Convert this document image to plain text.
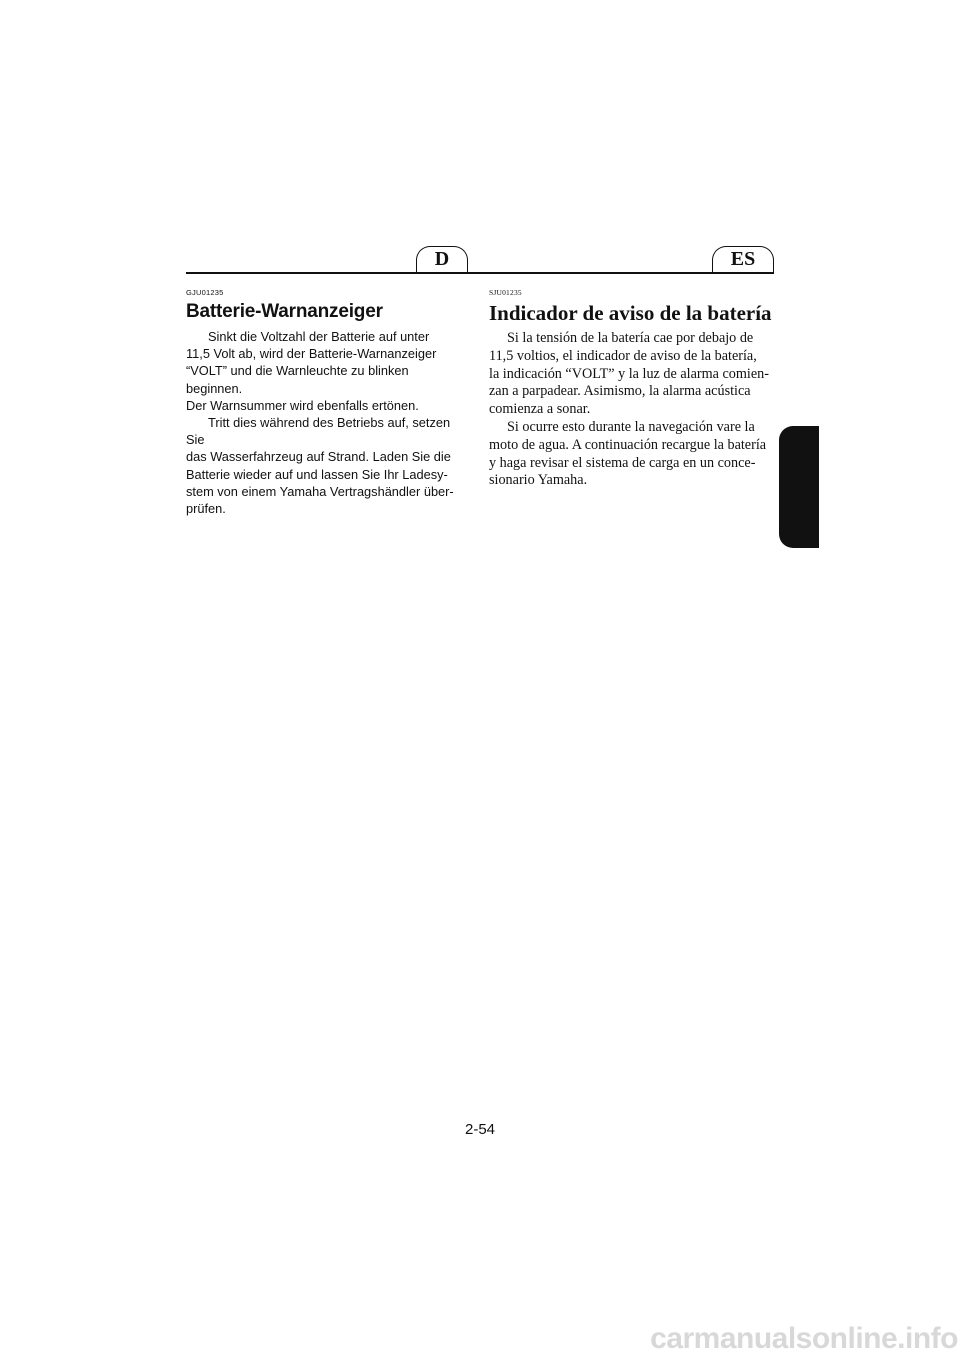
D	ES
GJU01235
Batterie-Warnanzeiger

Sinkt die Voltzahl der Batterie auf unter
11,5 Volt ab, wird der Batterie-Warnanzeiger
“VOLT” und die Warnleuchte zu blinken beginnen.
Der Warnsummer wird ebenfalls ertönen.

Tritt dies während des Betriebs auf, setzen Sie
das Wasserfahrzeug auf Strand. Laden Sie die
Batterie wieder auf und lassen Sie Ihr Ladesy-
stem von einem Yamaha Vertragshändler über-
prüfen.

SJU01235
Indicador de aviso de la batería

Si la tensión de la batería cae por debajo de
11,5 voltios, el indicador de aviso de la batería,
la indicación “VOLT” y la luz de alarma comien-
zan a parpadear. Asimismo, la alarma acústica
comienza a sonar.

Si ocurre esto durante la navegación vare la
moto de agua. A continuación recargue la batería
y haga revisar el sistema de carga en un conce-
sionario Yamaha.

2-54
carmanualsonline.info
